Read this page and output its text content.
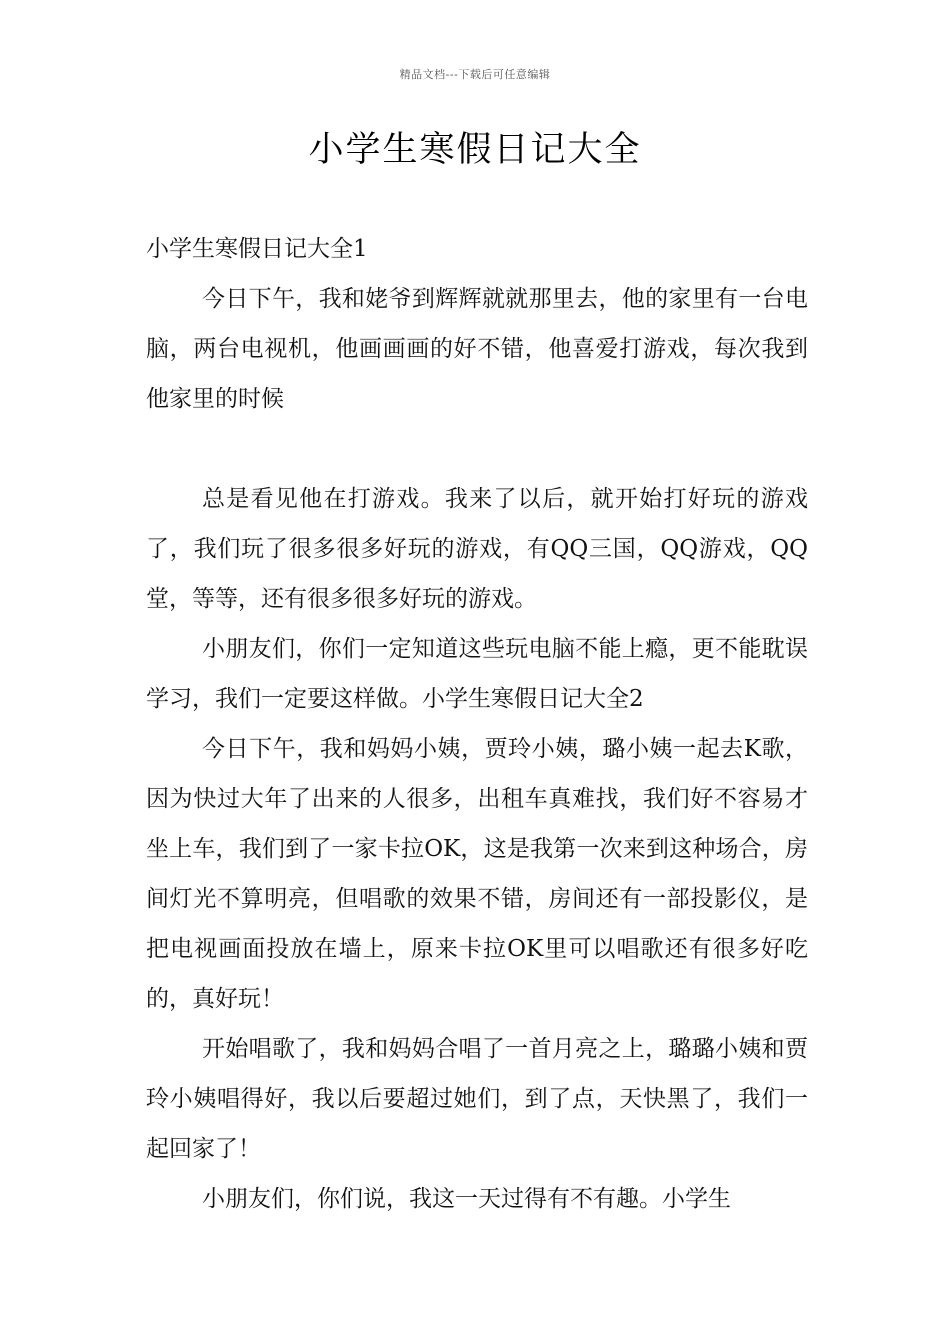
精品文档---下载后可任意编辑
小学生寒假日记大全

小学生寒假日记大全1

今日下午，我和姥爷到辉辉就就那里去，他的家里有一台电脑，两台电视机，他画画画的好不错，他喜爱打游戏，每次我到他家里的时候

总是看见他在打游戏。我来了以后，就开始打好玩的游戏了，我们玩了很多很多好玩的游戏，有QQ三国，QQ游戏，QQ堂，等等，还有很多很多好玩的游戏。

小朋友们，你们一定知道这些玩电脑不能上瘾，更不能耽误学习，我们一定要这样做。小学生寒假日记大全2

今日下午，我和妈妈小姨，贾玲小姨，璐小姨一起去K歌，因为快过大年了出来的人很多，出租车真难找，我们好不容易才坐上车，我们到了一家卡拉OK，这是我第一次来到这种场合，房间灯光不算明亮，但唱歌的效果不错，房间还有一部投影仪，是把电视画面投放在墙上，原来卡拉OK里可以唱歌还有很多好吃的，真好玩！

开始唱歌了，我和妈妈合唱了一首月亮之上，璐璐小姨和贾玲小姨唱得好，我以后要超过她们，到了点，天快黑了，我们一起回家了！

小朋友们，你们说，我这一天过得有不有趣。小学生
